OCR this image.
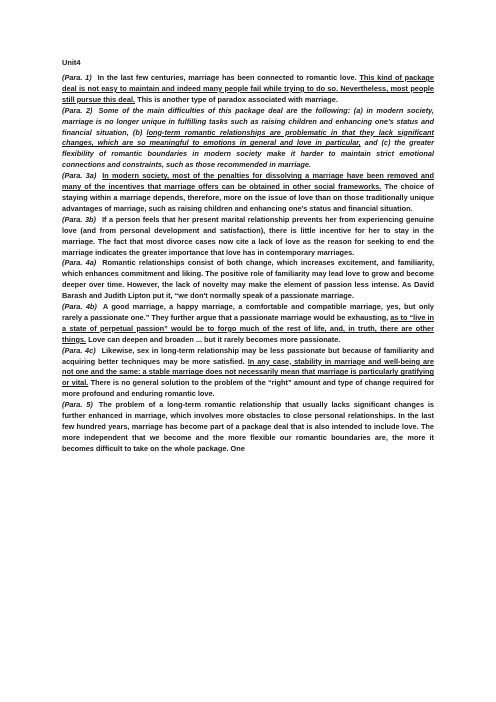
Unit4

(Para. 1) In the last few centuries, marriage has been connected to romantic love. This kind of package deal is not easy to maintain and indeed many people fail while trying to do so. Nevertheless, most people still pursue this deal. This is another type of paradox associated with marriage.

(Para. 2) Some of the main difficulties of this package deal are the following: (a) in modern society, marriage is no longer unique in fulfilling tasks such as raising children and enhancing one's status and financial situation, (b) long-term romantic relationships are problematic in that they lack significant changes, which are so meaningful to emotions in general and love in particular, and (c) the greater flexibility of romantic boundaries in modern society make it harder to maintain strict emotional connections and constraints, such as those recommended in marriage.

(Para. 3a) In modern society, most of the penalties for dissolving a marriage have been removed and many of the incentives that marriage offers can be obtained in other social frameworks. The choice of staying within a marriage depends, therefore, more on the issue of love than on those traditionally unique advantages of marriage, such as raising children and enhancing one's status and financial situation.

(Para. 3b) If a person feels that her present marital relationship prevents her from experiencing genuine love (and from personal development and satisfaction), there is little incentive for her to stay in the marriage. The fact that most divorce cases now cite a lack of love as the reason for seeking to end the marriage indicates the greater importance that love has in contemporary marriages.

(Para. 4a) Romantic relationships consist of both change, which increases excitement, and familiarity, which enhances commitment and liking. The positive role of familiarity may lead love to grow and become deeper over time. However, the lack of novelty may make the element of passion less intense. As David Barash and Judith Lipton put it, “we don't normally speak of a passionate marriage.

(Para. 4b) A good marriage, a happy marriage, a comfortable and compatible marriage, yes, but only rarely a passionate one.” They further argue that a passionate marriage would be exhausting, as to “live in a state of perpetual passion” would be to forgo much of the rest of life, and, in truth, there are other things. Love can deepen and broaden ... but it rarely becomes more passionate.

(Para. 4c) Likewise, sex in long-term relationship may be less passionate but because of familiarity and acquiring better techniques may be more satisfied. In any case, stability in marriage and well-being are not one and the same: a stable marriage does not necessarily mean that marriage is particularly gratifying or vital. There is no general solution to the problem of the “right” amount and type of change required for more profound and enduring romantic love.

(Para. 5) The problem of a long-term romantic relationship that usually lacks significant changes is further enhanced in marriage, which involves more obstacles to close personal relationships. In the last few hundred years, marriage has become part of a package deal that is also intended to include love. The more independent that we become and the more flexible our romantic boundaries are, the more it becomes difficult to take on the whole package. One
